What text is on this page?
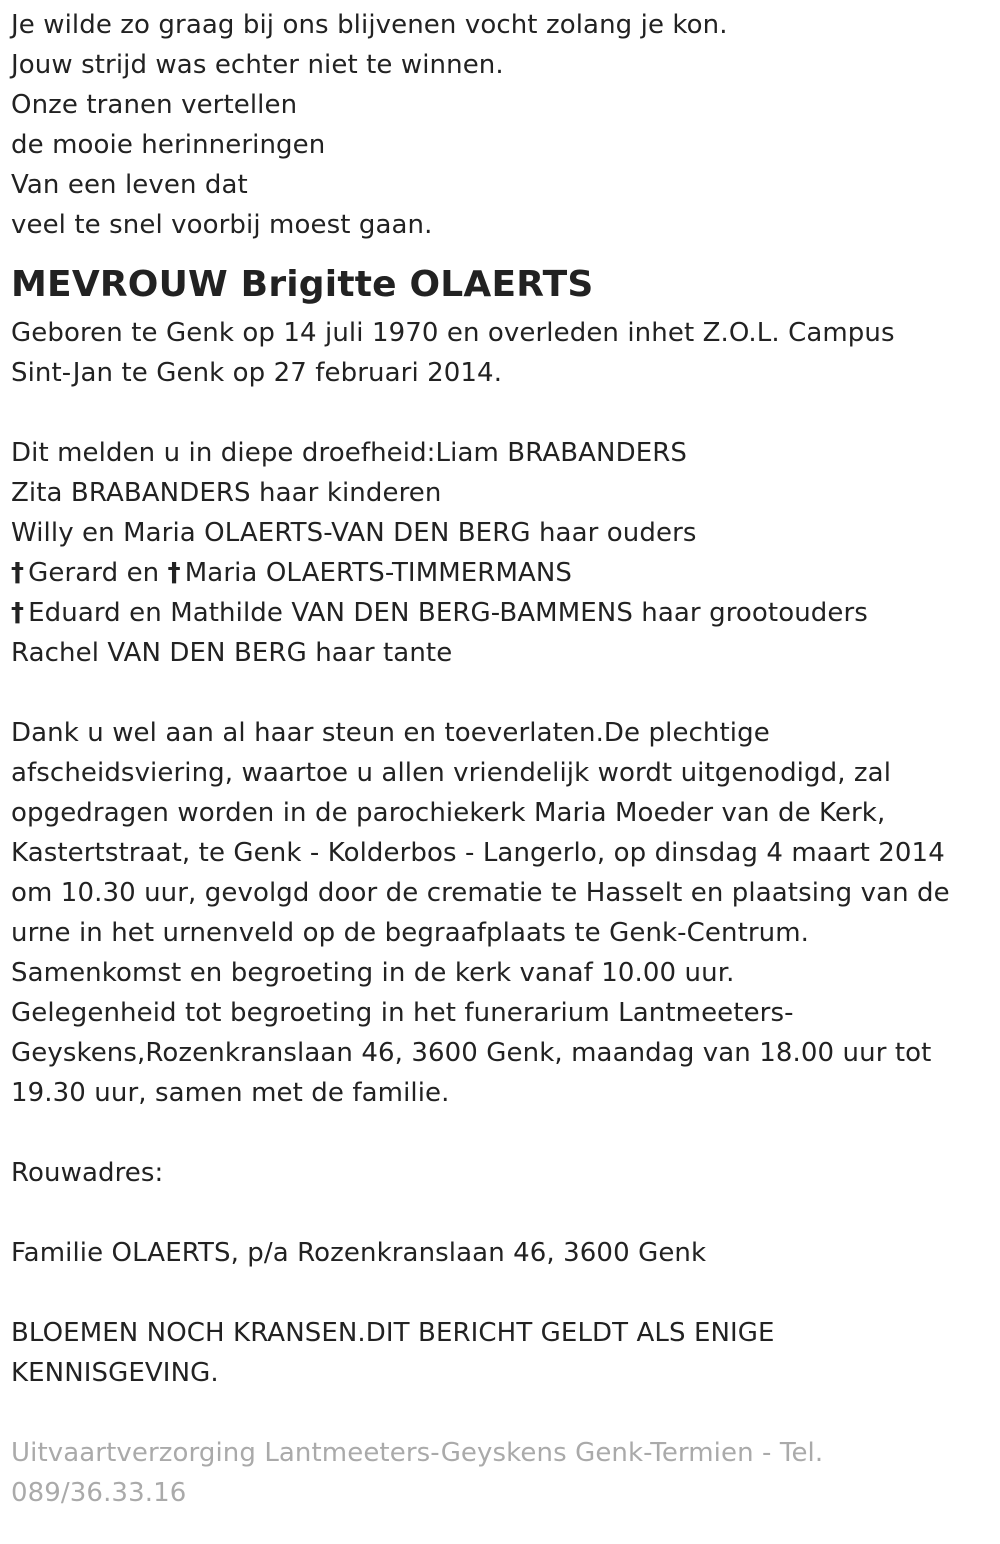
Je wilde zo graag bij ons blijvenen vocht zolang je kon.
Jouw strijd was echter niet te winnen.
Onze tranen vertellen
de mooie herinneringen
Van een leven dat
veel te snel voorbij moest gaan.
MEVROUW Brigitte OLAERTS
Geboren te Genk op 14 juli 1970 en overleden inhet Z.O.L. Campus
Sint-Jan te Genk op 27 februari 2014.
Dit melden u in diepe droefheid:Liam BRABANDERS
Zita BRABANDERS haar kinderen
Willy en Maria OLAERTS-VAN DEN BERG haar ouders
† Gerard en † Maria OLAERTS-TIMMERMANS
† Eduard en Mathilde VAN DEN BERG-BAMMENS haar grootouders
Rachel VAN DEN BERG haar tante
Dank u wel aan al haar steun en toeverlaten.De plechtige
afscheidsviering, waartoe u allen vriendelijk wordt uitgenodigd, zal
opgedragen worden in de parochiekerk Maria Moeder van de Kerk,
Kastertstraat, te Genk - Kolderbos - Langerlo, op dinsdag 4 maart 2014
om 10.30 uur, gevolgd door de crematie te Hasselt en plaatsing van de
urne in het urnenveld op de begraafplaats te Genk-Centrum.
Samenkomst en begroeting in de kerk vanaf 10.00 uur.
Gelegenheid tot begroeting in het funerarium Lantmeeters-
Geyskens,Rozenkranslaan 46, 3600 Genk, maandag van 18.00 uur tot
19.30 uur, samen met de familie.
Rouwadres:
Familie OLAERTS, p/a Rozenkranslaan 46, 3600 Genk
BLOEMEN NOCH KRANSEN.DIT BERICHT GELDT ALS ENIGE
KENNISGEVING.
Uitvaartverzorging Lantmeeters-Geyskens Genk-Termien - Tel.
089/36.33.16
